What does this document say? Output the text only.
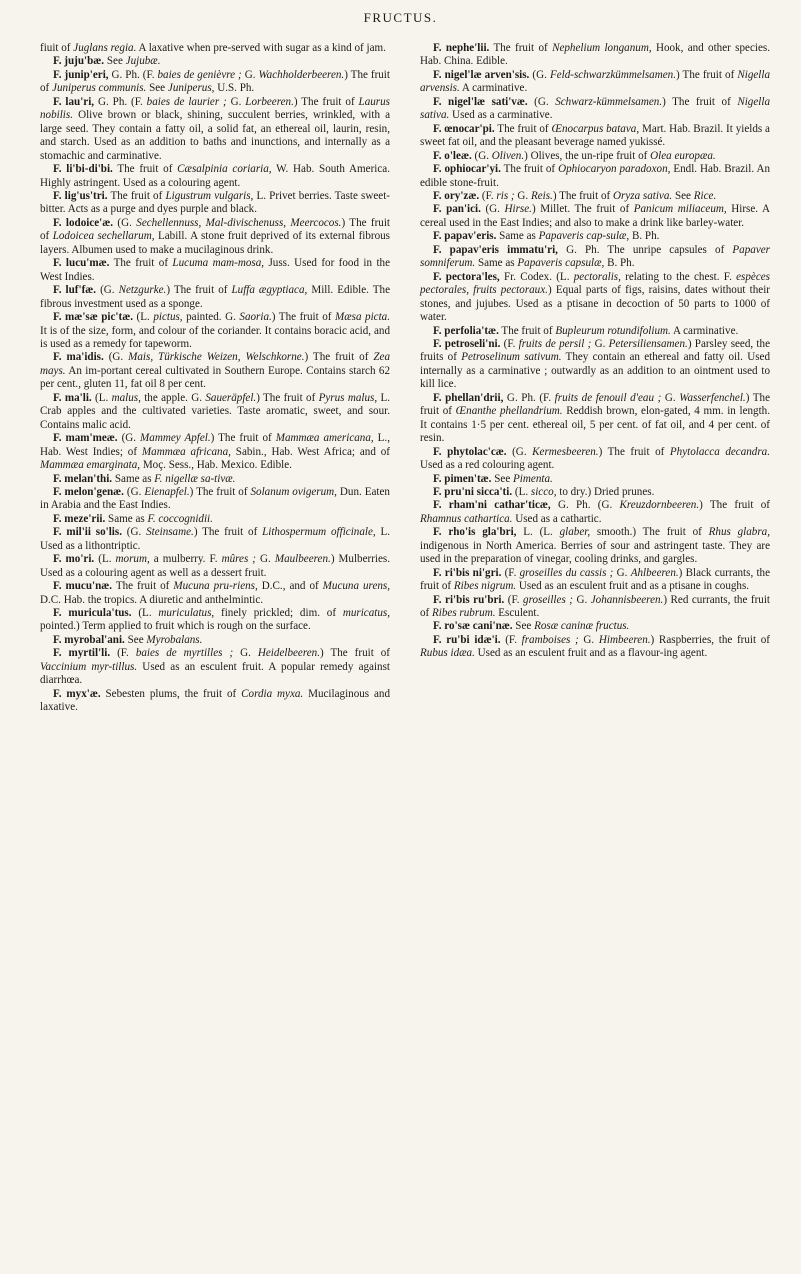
FRUCTUS.

fiuit of Juglans regia. A laxative when pre-served with sugar as a kind of jam.

F. juju'bæ. See Jujubæ.

F. junip'eri, G. Ph. (F. baies de genièvre ; G. Wachholderbeeren.) The fruit of Juniperus communis. See Juniperus, U.S. Ph.

F. lau'ri, G. Ph. (F. baies de laurier ; G. Lorbeeren.) The fruit of Laurus nobilis. Olive brown or black, shining, succulent berries, wrinkled, with a large seed. They contain a fatty oil, a solid fat, an ethereal oil, laurin, resin, and starch. Used as an addition to baths and inunctions, and internally as a stomachic and carminative.

F. li'bi-di'bi. The fruit of Cæsalpinia coriaria, W. Hab. South America. Highly astringent. Used as a colouring agent.

F. lig'us'tri. The fruit of Ligustrum vulgaris, L. Privet berries. Taste sweet-bitter. Acts as a purge and dyes purple and black.

F. lodoice'æ. (G. Sechellennuss, Mal-divischenuss, Meercocos.) The fruit of Lodoicea sechellarum, Labill. A stone fruit deprived of its external fibrous layers. Albumen used to make a mucilaginous drink.

F. lucu'mæ. The fruit of Lucuma mam-mosa, Juss. Used for food in the West Indies.

F. luf'fæ. (G. Netzgurke.) The fruit of Luffa ægyptiaca, Mill. Edible. The fibrous investment used as a sponge.

F. mæ'sæ pic'tæ. (L. pictus, painted. G. Saoria.) The fruit of Mæsa picta. It is of the size, form, and colour of the coriander. It contains boracic acid, and is used as a remedy for tapeworm.

F. ma'idis. (G. Mais, Türkische Weizen, Welschkorne.) The fruit of Zea mays. An im-portant cereal cultivated in Southern Europe. Contains starch 62 per cent., gluten 11, fat oil 8 per cent.

F. ma'li. (L. malus, the apple. G. Saueräpfel.) The fruit of Pyrus malus, L. Crab apples and the cultivated varieties. Taste aromatic, sweet, and sour. Contains malic acid.

F. mam'meæ. (G. Mammey Apfel.) The fruit of Mammæa americana, L., Hab. West Indies; of Mammæa africana, Sabin., Hab. West Africa; and of Mammæa emarginata, Moç. Sess., Hab. Mexico. Edible.

F. melan'thi. Same as F. nigellæ sa-tivæ.

F. melon'genæ. (G. Eienapfel.) The fruit of Solanum ovigerum, Dun. Eaten in Arabia and the East Indies.

F. meze'rii. Same as F. coccognidii.

F. mil'ii so'lis. (G. Steinsame.) The fruit of Lithospermum officinale, L. Used as a lithontriptic.

F. mo'ri. (L. morum, a mulberry. F. mûres ; G. Maulbeeren.) Mulberries. Used as a colouring agent as well as a dessert fruit.

F. mucu'næ. The fruit of Mucuna pru-riens, D.C., and of Mucuna urens, D.C. Hab. the tropics. A diuretic and anthelmintic.

F. muricula'tus. (L. muriculatus, finely prickled; dim. of muricatus, pointed.) Term applied to fruit which is rough on the surface.

F. myrobal'ani. See Myrobalans.

F. myrtil'li. (F. baies de myrtilles ; G. Heidelbeeren.) The fruit of Vaccinium myr-tillus. Used as an esculent fruit. A popular remedy against diarrhœa.

F. myx'æ. Sebesten plums, the fruit of Cordia myxa. Mucilaginous and laxative.

F. nephe'lii. The fruit of Nephelium longanum, Hook, and other species. Hab. China. Edible.

F. nigel'læ arven'sis. (G. Feld-schwarzkümmelsamen.) The fruit of Nigella arvensis. A carminative.

F. nigel'læ sati'væ. (G. Schwarz-kümmelsamen.) The fruit of Nigella sativa. Used as a carminative.

F. œnocar'pi. The fruit of Œnocarpus batava, Mart. Hab. Brazil. It yields a sweet fat oil, and the pleasant beverage named yukissé.

F. o'leæ. (G. Oliven.) Olives, the un-ripe fruit of Olea europæa.

F. ophiocar'yi. The fruit of Ophiocaryon paradoxon, Endl. Hab. Brazil. An edible stone-fruit.

F. ory'zæ. (F. ris ; G. Reis.) The fruit of Oryza sativa. See Rice.

F. pan'ici. (G. Hirse.) Millet. The fruit of Panicum miliaceum, Hirse. A cereal used in the East Indies; and also to make a drink like barley-water.

F. papav'eris. Same as Papaveris cap-sulæ, B. Ph.

F. papav'eris immatu'ri, G. Ph. The unripe capsules of Papaver somniferum. Same as Papaveris capsulæ, B. Ph.

F. pectora'les, Fr. Codex. (L. pectoralis, relating to the chest. F. espèces pectorales, fruits pectoraux.) Equal parts of figs, raisins, dates without their stones, and jujubes. Used as a ptisane in decoction of 50 parts to 1000 of water.

F. perfolia'tæ. The fruit of Bupleurum rotundifolium. A carminative.

F. petroseli'ni. (F. fruits de persil ; G. Petersiliensamen.) Parsley seed, the fruits of Petroselinum sativum. They contain an ethereal and fatty oil. Used internally as a carminative ; outwardly as an addition to an ointment used to kill lice.

F. phellan'drii, G. Ph. (F. fruits de fenouil d'eau ; G. Wasserfenchel.) The fruit of Œnanthe phellandrium. Reddish brown, elon-gated, 4 mm. in length. It contains 1·5 per cent. ethereal oil, 5 per cent. of fat oil, and 4 per cent. of resin.

F. phytolac'cæ. (G. Kermesbeeren.) The fruit of Phytolacca decandra. Used as a red colouring agent.

F. pimen'tæ. See Pimenta.

F. pru'ni sicca'ti. (L. sicco, to dry.) Dried prunes.

F. rham'ni cathar'ticæ, G. Ph. (G. Kreuzdornbeeren.) The fruit of Rhamnus cathartica. Used as a cathartic.

F. rho'is gla'bri, L. (L. glaber, smooth.) The fruit of Rhus glabra, indigenous in North America. Berries of sour and astringent taste. They are used in the preparation of vinegar, cooling drinks, and gargles.

F. ri'bis ni'gri. (F. groseilles du cassis ; G. Ahlbeeren.) Black currants, the fruit of Ribes nigrum. Used as an esculent fruit and as a ptisane in coughs.

F. ri'bis ru'bri. (F. groseilles ; G. Johannisbeeren.) Red currants, the fruit of Ribes rubrum. Esculent.

F. ro'sæ cani'næ. See Rosæ caninæ fructus.

F. ru'bi idæ'i. (F. framboises ; G. Himbeeren.) Raspberries, the fruit of Rubus idæa. Used as an esculent fruit and as a flavour-ing agent.
